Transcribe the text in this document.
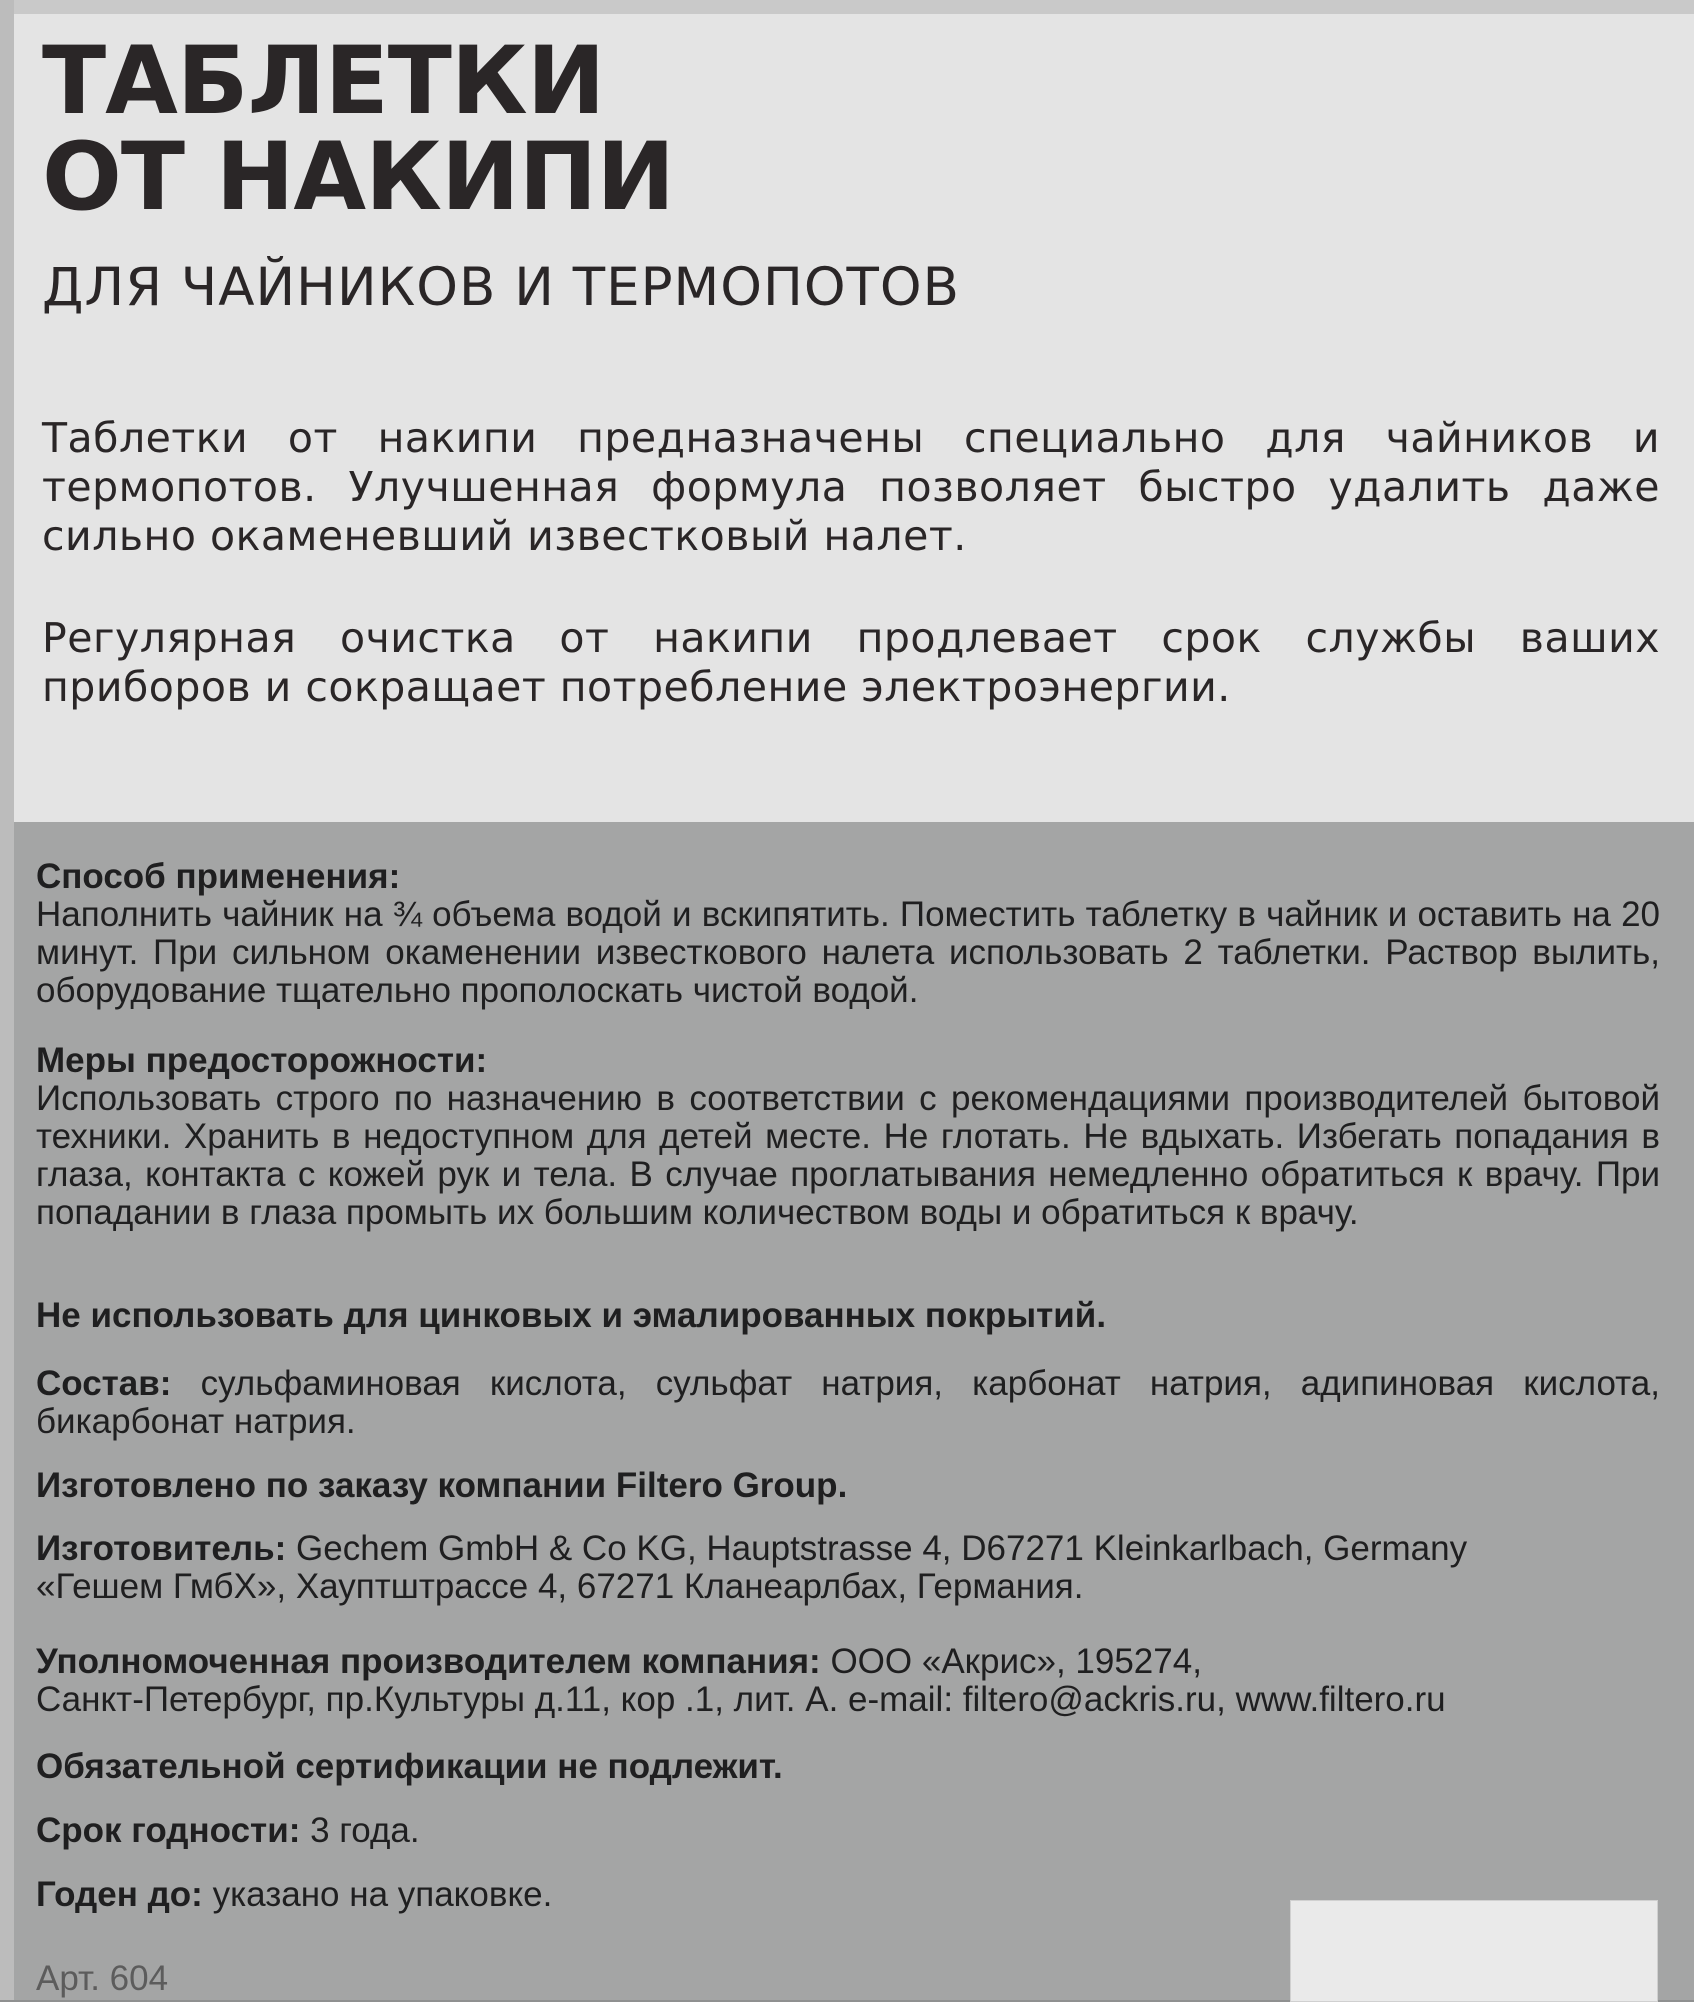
ТАБЛЕТКИ
ОТ НАКИПИ
ДЛЯ ЧАЙНИКОВ И ТЕРМОПОТОВ
Таблетки от накипи предназначены специально для чайников и термопотов. Улучшенная формула позволяет быстро удалить даже сильно окаменевший известковый налет.
Регулярная очистка от накипи продлевает срок службы ваших приборов и сокращает потребление электроэнергии.
Способ применения:
Наполнить чайник на ¾ объема водой и вскипятить. Поместить таблетку в чайник и оставить на 20 минут. При сильном окаменении известкового налета использовать 2 таблетки. Раствор вылить, оборудование тщательно прополоскать чистой водой.
Меры предосторожности:
Использовать строго по назначению в соответствии с рекомендациями производителей бытовой техники. Хранить в недоступном для детей месте. Не глотать. Не вдыхать. Избегать попадания в глаза, контакта с кожей рук и тела. В случае проглатывания немедленно обратиться к врачу. При попадании в глаза промыть их большим количеством воды и обратиться к врачу.
Не использовать для цинковых и эмалированных покрытий.
Состав: сульфаминовая кислота, сульфат натрия, карбонат натрия, адипиновая кислота, бикарбонат натрия.
Изготовлено по заказу компании Filtero Group.
Изготовитель: Gechem GmbH & Co KG, Hauptstrasse 4, D67271 Kleinkarlbach, Germany
«Гешем ГмбХ», Хауптштрассе 4, 67271 Кланеарлбах, Германия.
Уполномоченная производителем компания: ООО «Акрис», 195274,
Санкт-Петербург, пр.Культуры д.11, кор .1, лит. А. e-mail: filtero@ackris.ru, www.filtero.ru
Обязательной сертификации не подлежит.
Срок годности: 3 года.
Годен до: указано на упаковке.
Арт. 604
